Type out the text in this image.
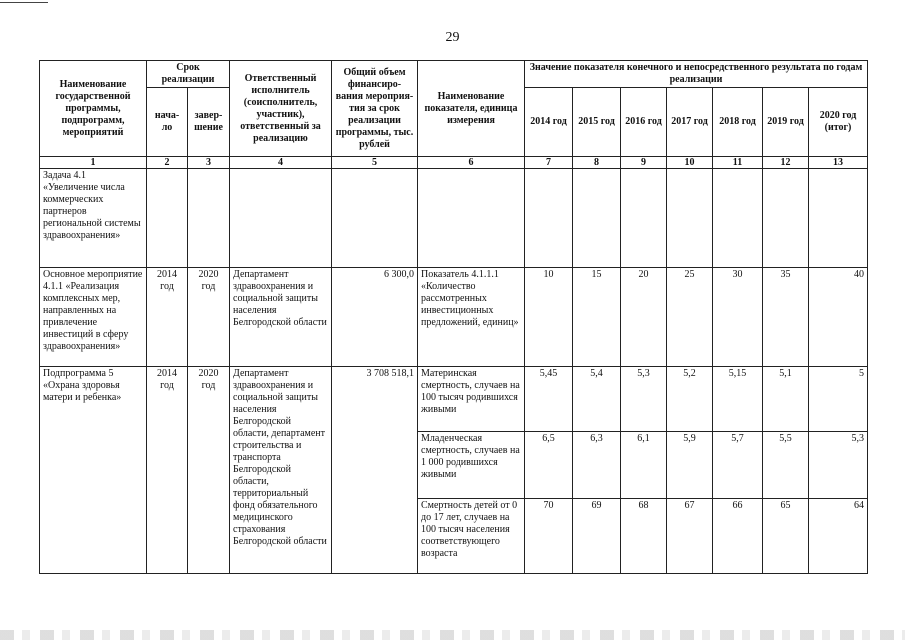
29
Наименование государственной программы, подпрограмм, мероприятий	Срок реализации		Ответственный исполнитель (соисполнитель, участник), ответственный за реализацию	Общий объем финансиро-вания мероприя-тия за срок реализации программы, тыс. рублей	Наименование показателя, единица измерения	Значение показателя конечного и непосредственного результата по годам реализации						
	нача-ло	завер-шение				2014 год	2015 год	2016 год	2017 год	2018 год	2019 год	2020 год (итог)
1	2	3	4	5	6	7	8	9	10	11	12	13
Задача 4.1 «Увеличение числа коммерческих партнеров региональной системы здравоохранения»												
Основное мероприятие 4.1.1 «Реализация комплексных мер, направленных на привлечение инвестиций в сферу здравоохранения»	2014 год	2020 год	Департамент здравоохранения и социальной защиты населения Белгородской области	6 300,0	Показатель 4.1.1.1 «Количество рассмотренных инвестиционных предложений, единиц»	10	15	20	25	30	35	40
Подпрограмма 5 «Охрана здоровья матери и ребенка»	2014 год	2020 год	Департамент здравоохранения и социальной защиты населения Белгородской области, департамент строительства и транспорта Белгородской области, территориальный фонд обязательного медицинского страхования Белгородской области	3 708 518,1	Материнская смертность, случаев на 100 тысяч родившихся живыми	5,45	5,4	5,3	5,2	5,15	5,1	5
					Младенческая смертность, случаев на 1 000 родившихся живыми	6,5	6,3	6,1	5,9	5,7	5,5	5,3
					Смертность детей от 0 до 17 лет, случаев на 100 тысяч населения соответствующего возраста	70	69	68	67	66	65	64
